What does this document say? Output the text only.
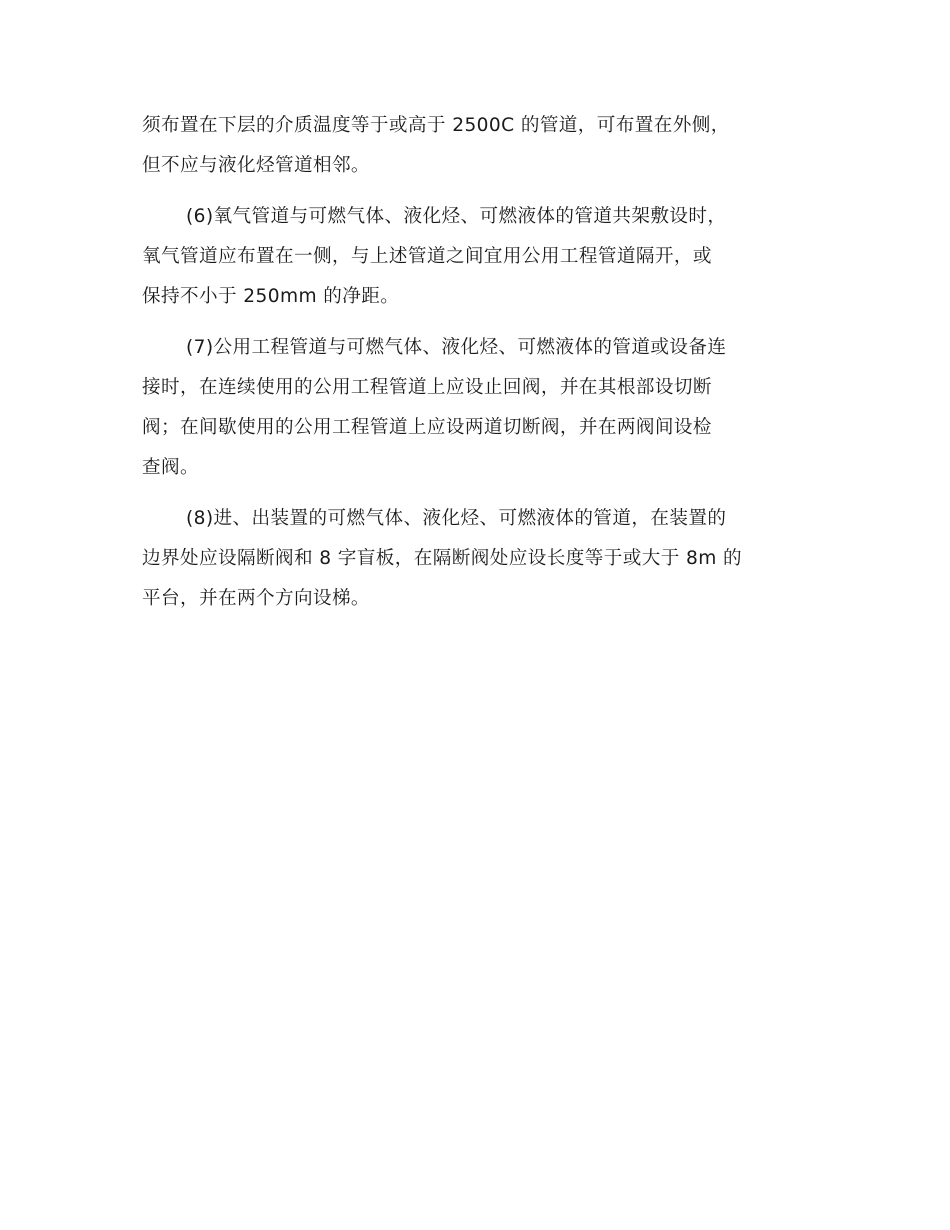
须布置在下层的介质温度等于或高于 2500C 的管道，可布置在外侧，
但不应与液化烃管道相邻。

(6)氧气管道与可燃气体、液化烃、可燃液体的管道共架敷设时，
氧气管道应布置在一侧，与上述管道之间宜用公用工程管道隔开，或
保持不小于 250mm 的净距。

(7)公用工程管道与可燃气体、液化烃、可燃液体的管道或设备连
接时，在连续使用的公用工程管道上应设止回阀，并在其根部设切断
阀；在间歇使用的公用工程管道上应设两道切断阀，并在两阀间设检
查阀。

(8)进、出装置的可燃气体、液化烃、可燃液体的管道，在装置的
边界处应设隔断阀和 8 字盲板，在隔断阀处应设长度等于或大于 8m 的
平台，并在两个方向设梯。
